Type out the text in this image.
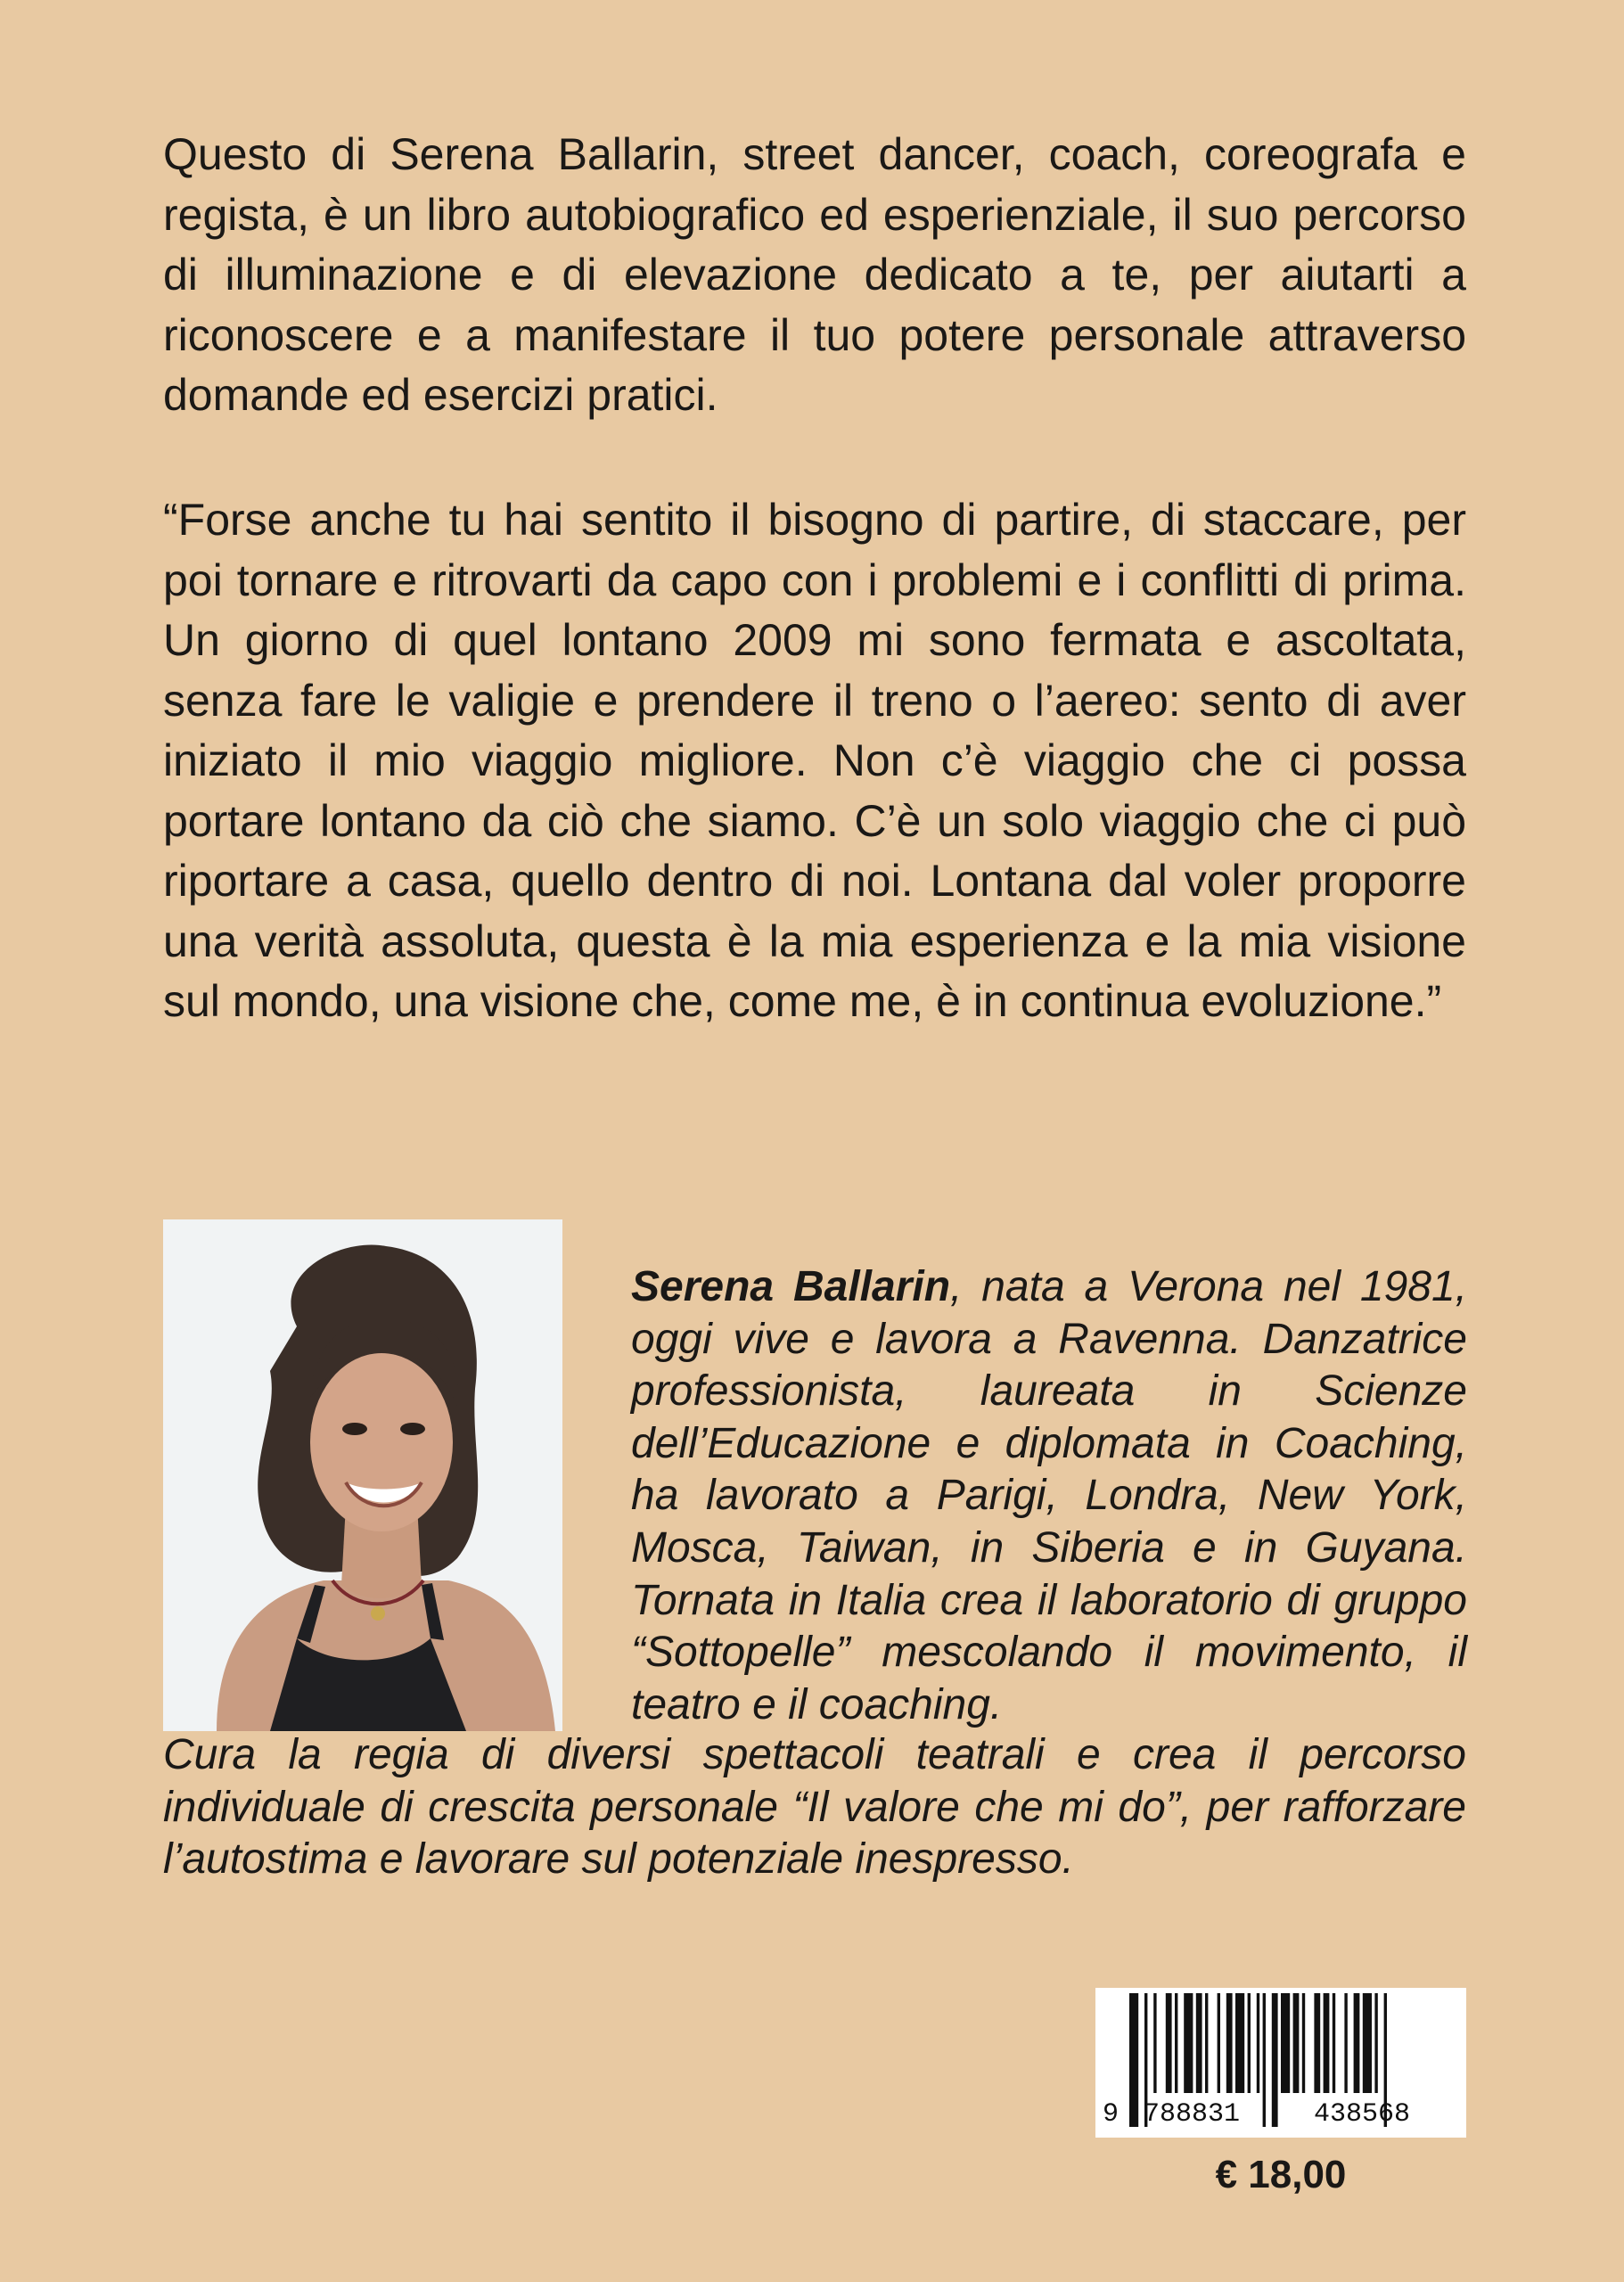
Questo di Serena Ballarin, street dancer, coach, coreografa e regista, è un libro autobiografico ed esperienziale, il suo percorso di illuminazione e di elevazione dedicato a te, per aiutarti a riconoscere e a manifestare il tuo potere personale attraverso domande ed esercizi pratici.

“Forse anche tu hai sentito il bisogno di partire, di staccare, per poi tornare e ritrovarti da capo con i problemi e i conflitti di prima. Un giorno di quel lontano 2009 mi sono fermata e ascoltata, senza fare le valigie e prendere il treno o l’aereo: sento di aver iniziato il mio viaggio migliore. Non c’è viaggio che ci possa portare lontano da ciò che siamo. C’è un solo viaggio che ci può riportare a casa, quello dentro di noi. Lontana dal voler proporre una verità assoluta, questa è la mia esperienza e la mia visione sul mondo, una visione che, come me, è in continua evoluzione.”

Serena Ballarin, nata a Verona nel 1981, oggi vive e lavora a Ravenna. Danzatrice professionista, laureata in Scienze dell’Educazione e diplomata in Coaching, ha lavorato a Parigi, Londra, New York, Mosca, Taiwan, in Siberia e in Guyana. Tornata in Italia crea il laboratorio di gruppo “Sottopelle” mescolando il movimento, il teatro e il coaching.

Cura la regia di diversi spettacoli teatrali e crea il percorso individuale di crescita personale “Il valore che mi do”, per rafforzare l’autostima e lavorare sul potenziale inespresso.

9 788831	438568
€ 18,00
